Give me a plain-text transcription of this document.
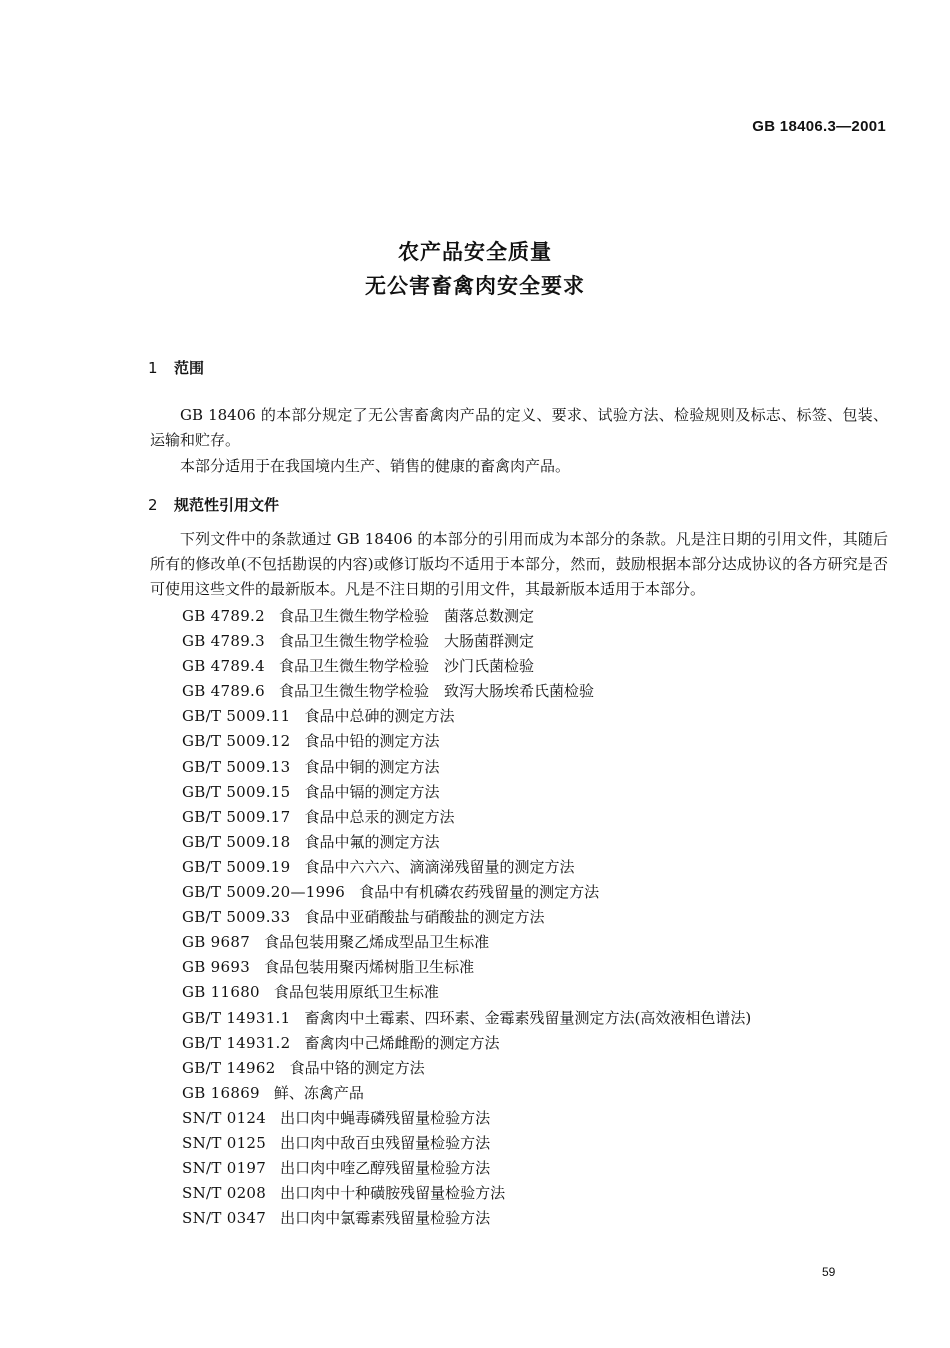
GB 18406.3—2001
农产品安全质量
无公害畜禽肉安全要求
1 范围
GB 18406 的本部分规定了无公害畜禽肉产品的定义、要求、试验方法、检验规则及标志、标签、包装、运输和贮存。
本部分适用于在我国境内生产、销售的健康的畜禽肉产品。
2 规范性引用文件
下列文件中的条款通过 GB 18406 的本部分的引用而成为本部分的条款。凡是注日期的引用文件，其随后所有的修改单(不包括勘误的内容)或修订版均不适用于本部分，然而，鼓励根据本部分达成协议的各方研究是否可使用这些文件的最新版本。凡是不注日期的引用文件，其最新版本适用于本部分。
GB 4789.2 食品卫生微生物学检验　菌落总数测定
GB 4789.3 食品卫生微生物学检验　大肠菌群测定
GB 4789.4 食品卫生微生物学检验　沙门氏菌检验
GB 4789.6 食品卫生微生物学检验　致泻大肠埃希氏菌检验
GB/T 5009.11 食品中总砷的测定方法
GB/T 5009.12 食品中铅的测定方法
GB/T 5009.13 食品中铜的测定方法
GB/T 5009.15 食品中镉的测定方法
GB/T 5009.17 食品中总汞的测定方法
GB/T 5009.18 食品中氟的测定方法
GB/T 5009.19 食品中六六六、滴滴涕残留量的测定方法
GB/T 5009.20—1996 食品中有机磷农药残留量的测定方法
GB/T 5009.33 食品中亚硝酸盐与硝酸盐的测定方法
GB 9687 食品包装用聚乙烯成型品卫生标准
GB 9693 食品包装用聚丙烯树脂卫生标准
GB 11680 食品包装用原纸卫生标准
GB/T 14931.1 畜禽肉中土霉素、四环素、金霉素残留量测定方法(高效液相色谱法)
GB/T 14931.2 畜禽肉中己烯雌酚的测定方法
GB/T 14962 食品中铬的测定方法
GB 16869 鲜、冻禽产品
SN/T 0124 出口肉中蝇毒磷残留量检验方法
SN/T 0125 出口肉中敌百虫残留量检验方法
SN/T 0197 出口肉中喹乙醇残留量检验方法
SN/T 0208 出口肉中十种磺胺残留量检验方法
SN/T 0347 出口肉中氯霉素残留量检验方法
59
